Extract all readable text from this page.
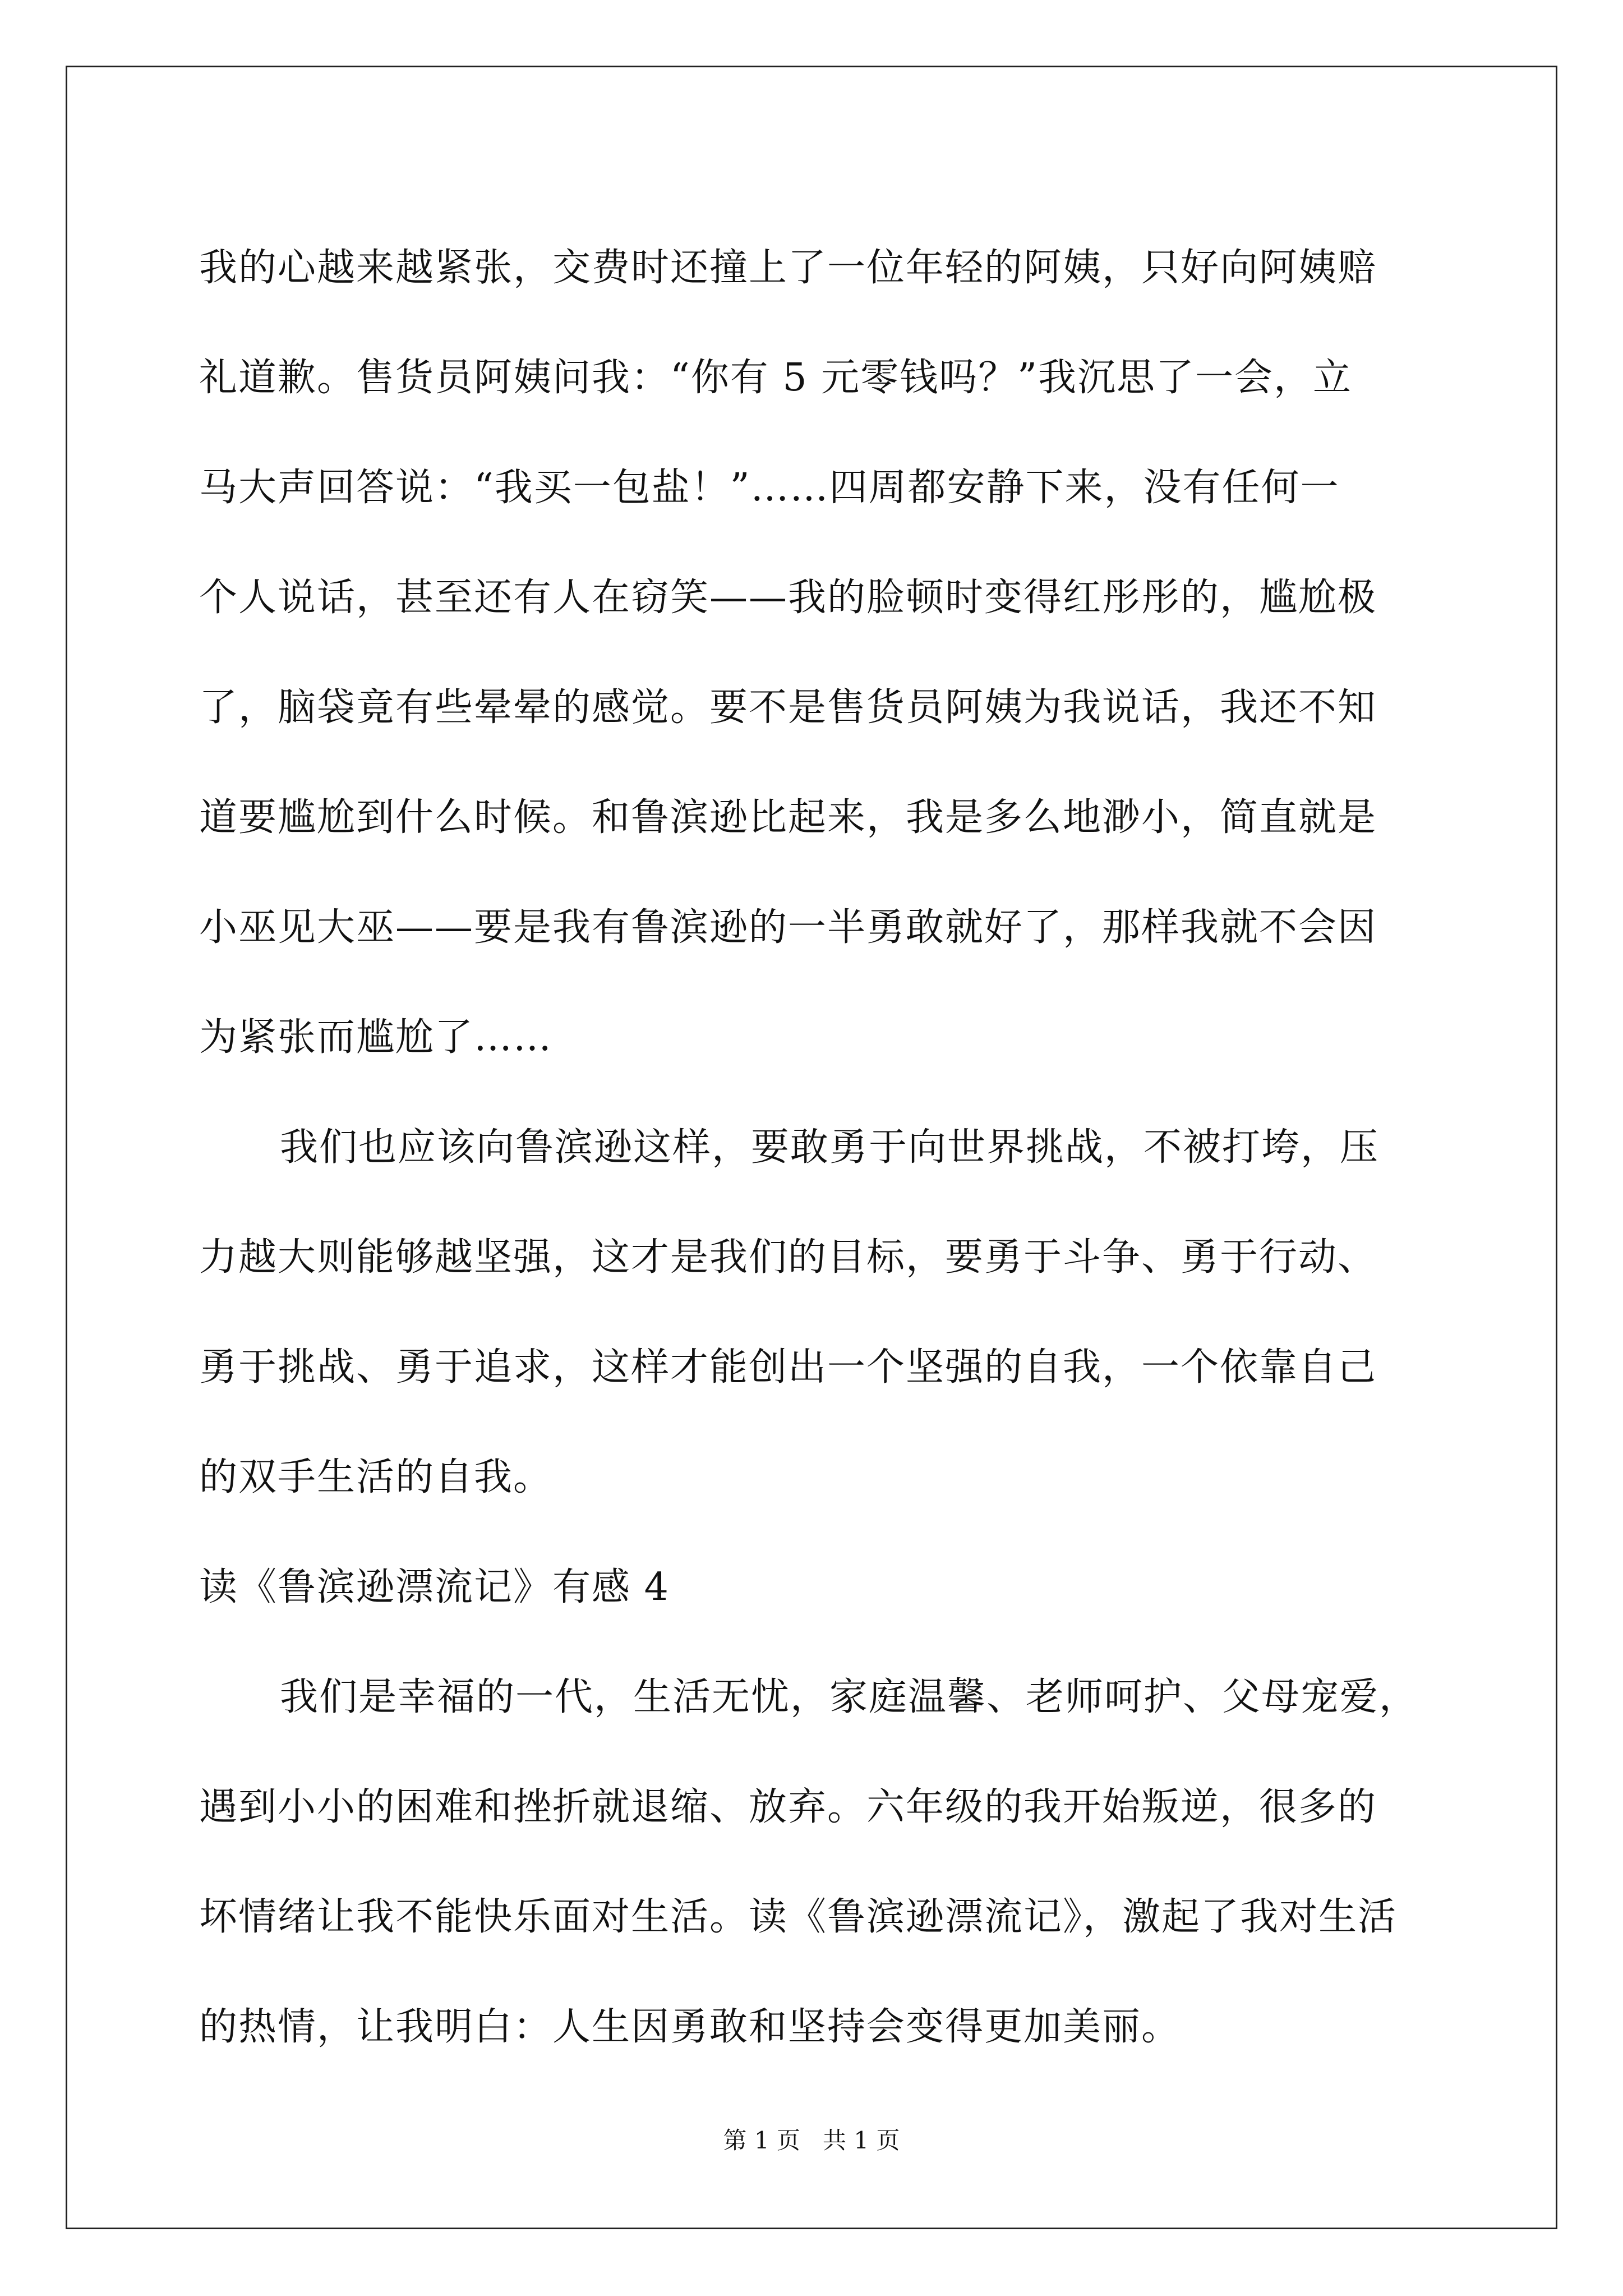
我的心越来越紧张，交费时还撞上了一位年轻的阿姨，只好向阿姨赔
礼道歉。售货员阿姨问我：“你有 5 元零钱吗？”我沉思了一会，立
马大声回答说：“我买一包盐！”……四周都安静下来，没有任何一
个人说话，甚至还有人在窃笑——我的脸顿时变得红彤彤的，尴尬极
了，脑袋竟有些晕晕的感觉。要不是售货员阿姨为我说话，我还不知
道要尴尬到什么时候。和鲁滨逊比起来，我是多么地渺小，简直就是
小巫见大巫——要是我有鲁滨逊的一半勇敢就好了，那样我就不会因
为紧张而尴尬了……
我们也应该向鲁滨逊这样，要敢勇于向世界挑战，不被打垮，压
力越大则能够越坚强，这才是我们的目标，要勇于斗争、勇于行动、
勇于挑战、勇于追求，这样才能创出一个坚强的自我，一个依靠自己
的双手生活的自我。
读《鲁滨逊漂流记》有感 4
我们是幸福的一代，生活无忧，家庭温馨、老师呵护、父母宠爱，
遇到小小的困难和挫折就退缩、放弃。六年级的我开始叛逆，很多的
坏情绪让我不能快乐面对生活。读《鲁滨逊漂流记》，激起了我对生活
的热情，让我明白：人生因勇敢和坚持会变得更加美丽。
第 1 页   共 1 页
